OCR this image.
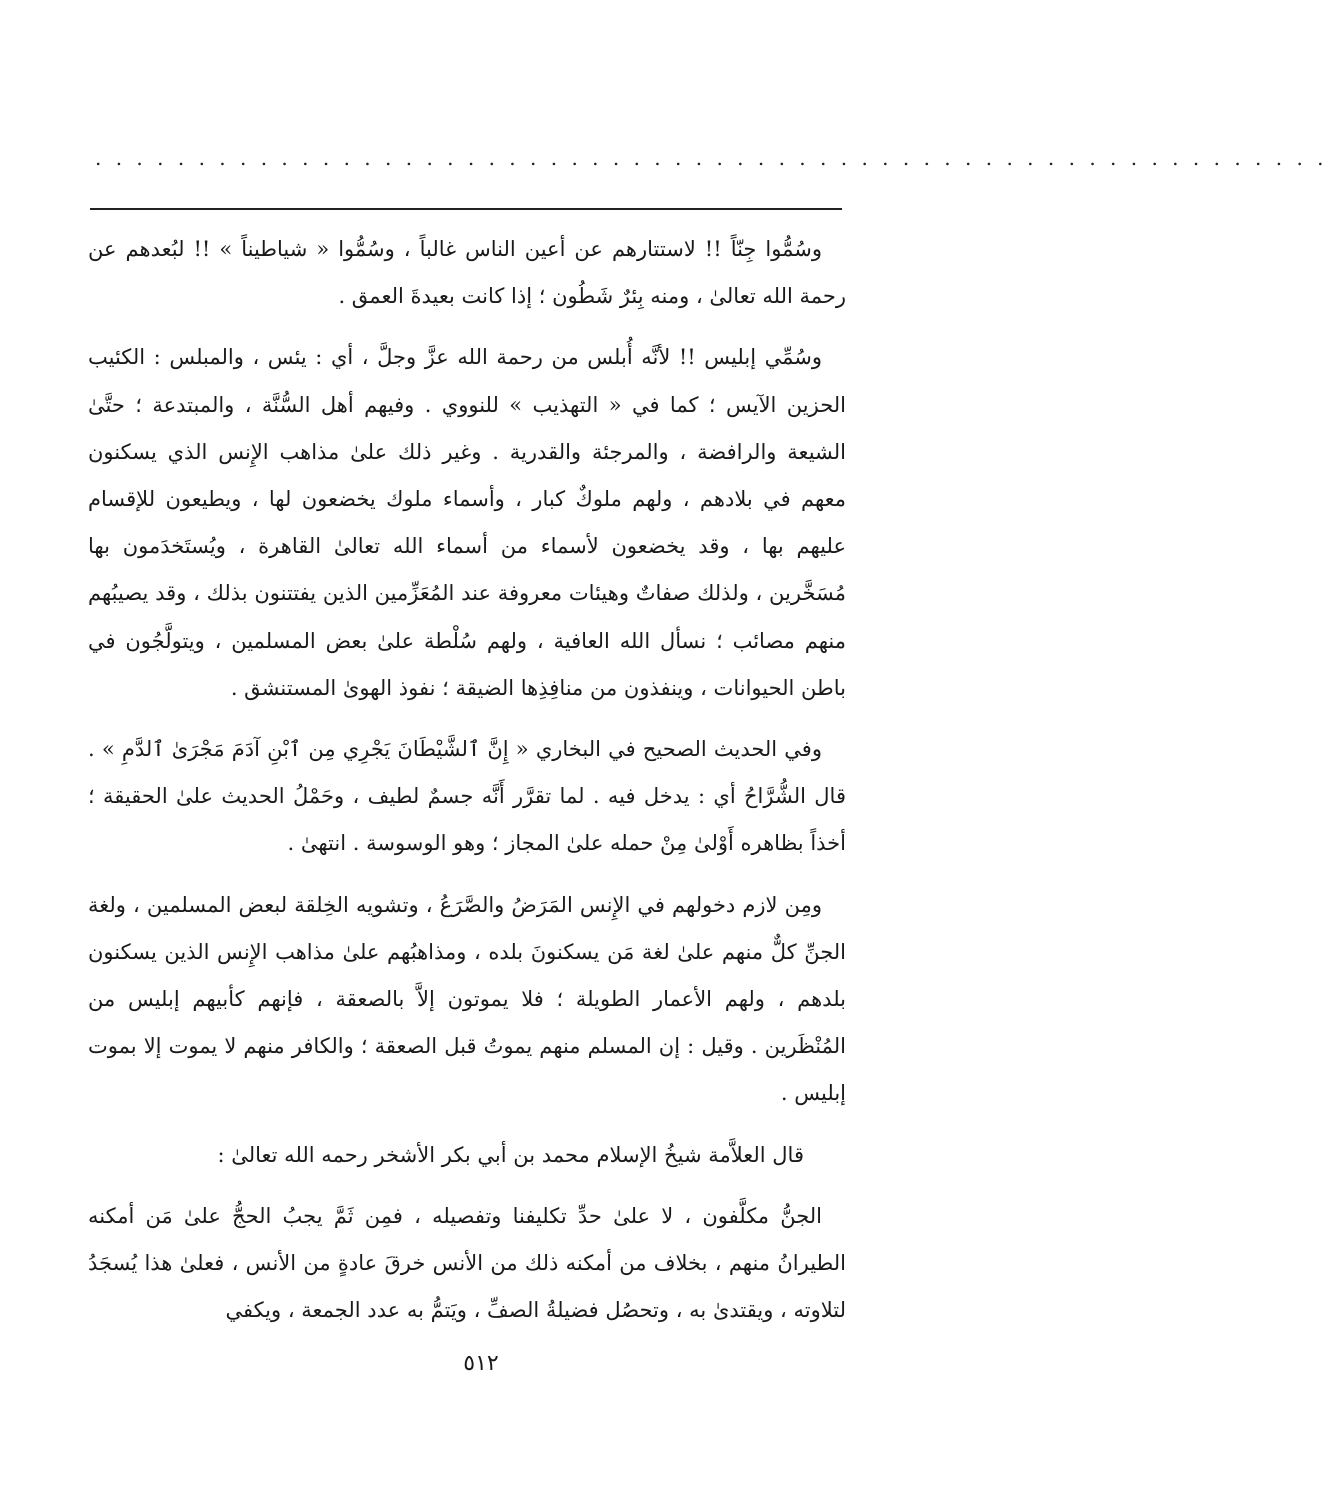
. . . . . . . . . . . . . . . . . . . . . . . . . . . . . . . . . . . . . . . . . . . . . . . . . . . . . . . . . . . .

وسُمُّوا جِنّاً !! لاستتارهم عن أعين الناس غالباً ، وسُمُّوا « شياطيناً » !! لبُعدهم عن رحمة الله تعالىٰ ، ومنه بِئرٌ شَطُون ؛ إذا كانت بعيدةَ العمق .

وسُمِّي إبليس !! لأنَّه أُبلس من رحمة الله عزَّ وجلَّ ، أي : يئس ، والمبلس : الكئيب الحزين الآيس ؛ كما في « التهذيب » للنووي . وفيهم أهل السُّنَّة ، والمبتدعة ؛ حتَّىٰ الشيعة والرافضة ، والمرجئة والقدرية . وغير ذلك علىٰ مذاهب الإِنس الذي يسكنون معهم في بلادهم ، ولهم ملوكٌ كبار ، وأسماء ملوك يخضعون لها ، ويطيعون للإقسام عليهم بها ، وقد يخضعون لأسماء من أسماء الله تعالىٰ القاهرة ، ويُستَخدَمون بها مُسَخَّرين ، ولذلك صفاتٌ وهيئات معروفة عند المُعَزِّمين الذين يفتتنون بذلك ، وقد يصيبُهم منهم مصائب ؛ نسأل الله العافية ، ولهم سُلْطة علىٰ بعض المسلمين ، ويتولَّجُون في باطن الحيوانات ، وينفذون من منافِذِها الضيقة ؛ نفوذ الهوىٰ المستنشق .

وفي الحديث الصحيح في البخاري « إِنَّ ٱلشَّيْطَانَ يَجْرِي مِن ٱبْنِ آدَمَ مَجْرَىٰ ٱلدَّمِ » . قال الشُّرَّاحُ أي : يدخل فيه . لما تقرَّر أَنَّه جسمٌ لطيف ، وحَمْلُ الحديث علىٰ الحقيقة ؛ أخذاً بظاهره أَوْلىٰ مِنْ حمله علىٰ المجاز ؛ وهو الوسوسة . انتهىٰ .

ومِن لازم دخولهم في الإِنس المَرَضُ والصَّرَعُ ، وتشويه الخِلقة لبعض المسلمين ، ولغة الجنِّ كلٌّ منهم علىٰ لغة مَن يسكنونَ بلده ، ومذاهبُهم علىٰ مذاهب الإِنس الذين يسكنون بلدهم ، ولهم الأعمار الطويلة ؛ فلا يموتون إلاَّ بالصعقة ، فإنهم كأبيهم إبليس من المُنْظَرين . وقيل : إن المسلم منهم يموتُ قبل الصعقة ؛ والكافر منهم لا يموت إلا بموت إبليس .

قال العلاَّمة شيخُ الإسلام محمد بن أبي بكر الأشخر رحمه الله تعالىٰ :

الجنُّ مكلَّفون ، لا علىٰ حدِّ تكليفنا وتفصيله ، فمِن ثَمَّ يجبُ الحجُّ علىٰ مَن أمكنه الطيرانُ منهم ، بخلاف من أمكنه ذلك من الأنس خرقَ عادةٍ من الأنس ، فعلىٰ هذا يُسجَدُ لتلاوته ، ويقتدىٰ به ، وتحصُل فضيلةُ الصفِّ ، ويَتمُّ به عدد الجمعة ، ويكفي

٥١٢
